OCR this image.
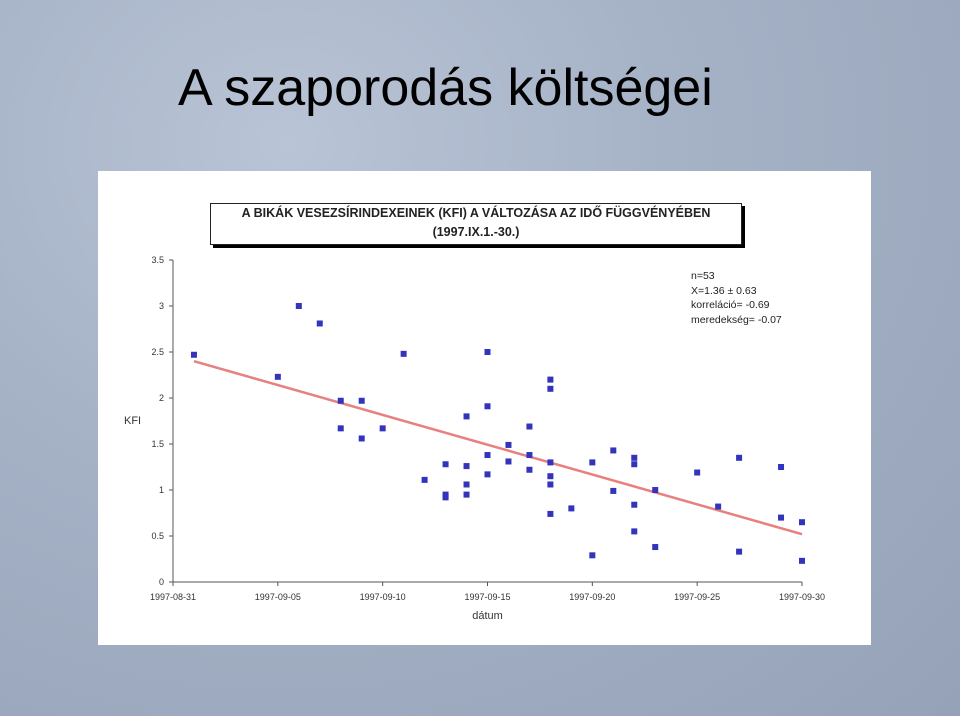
A szaporodás költségei
A BIKÁK VESEZSÍRINDEXEINEK (KFI) A VÁLTOZÁSA AZ IDŐ FÜGGVÉNYÉBEN
(1997.IX.1.-30.)
0
0.5
1
1.5
2
2.5
3
3.5
1997-08-31	1997-09-05	1997-09-10	1997-09-15	1997-09-20	1997-09-25	1997-09-30
dátum
KFI
n=53
X=1.36 ± 0.63
korreláció= -0.69
meredekség= -0.07
